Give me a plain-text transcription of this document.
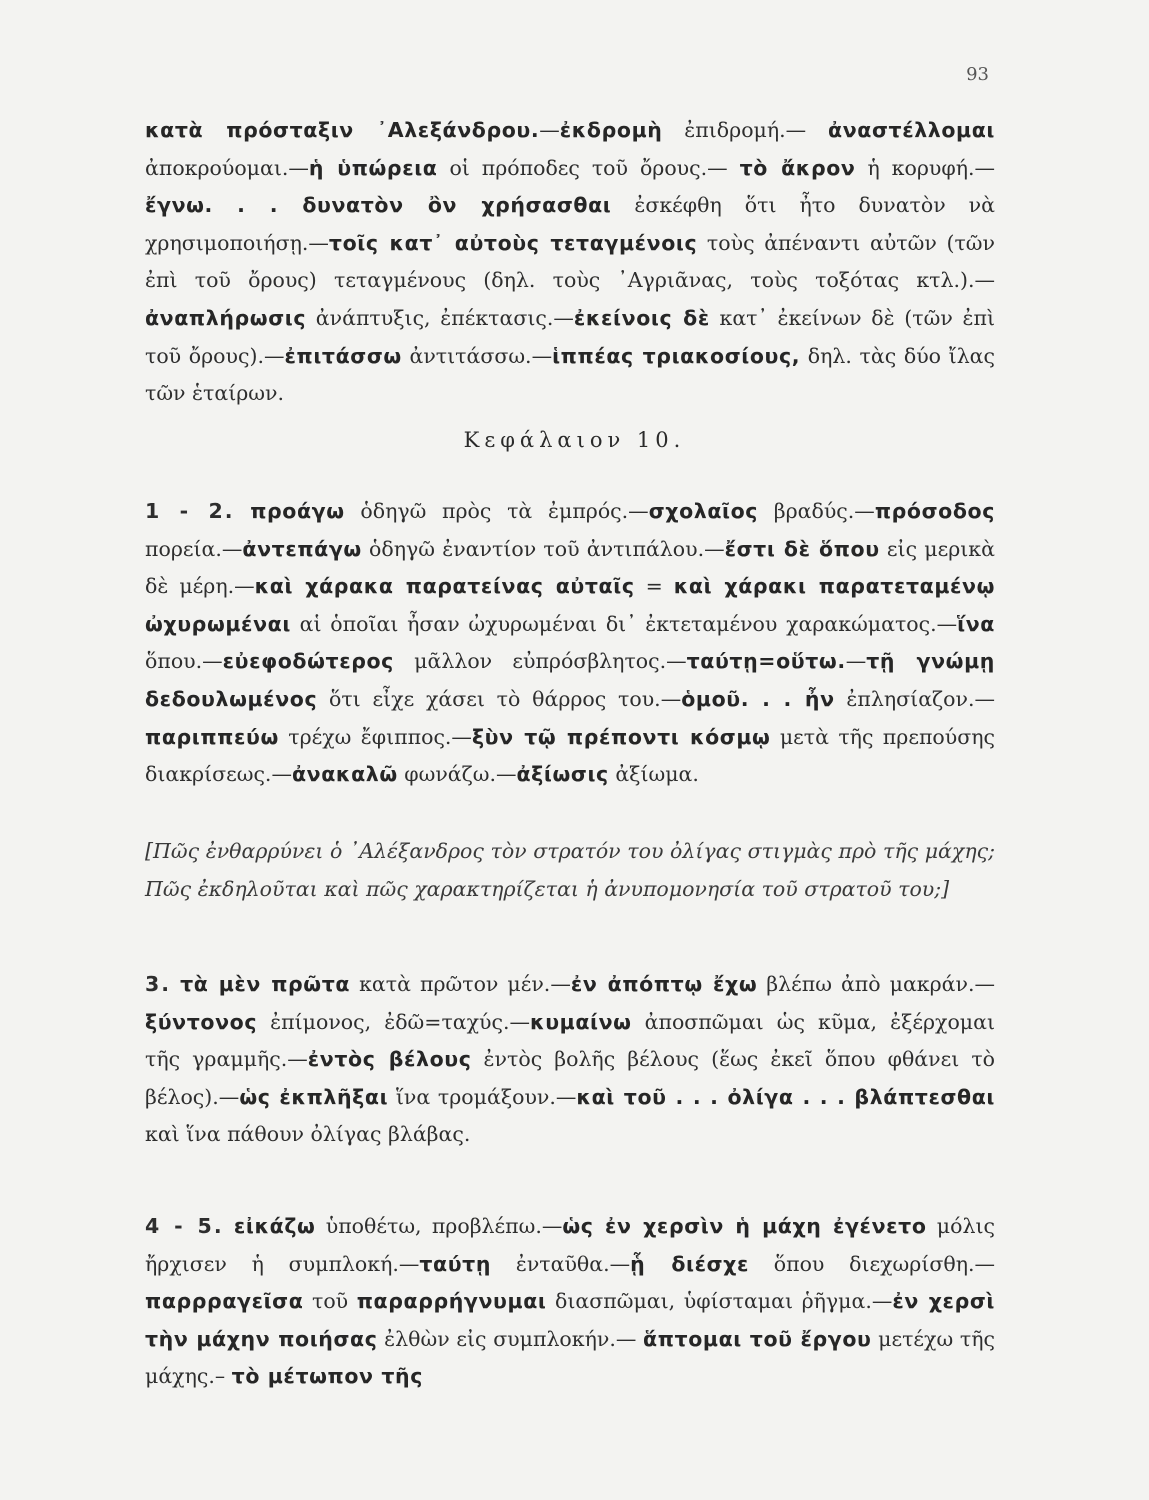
93

κατὰ πρόσταξιν ᾿Αλεξάνδρου.—ἐκδρομὴ ἐπιδρομή.— ἀναστέλλομαι ἀποκρούομαι.—ἡ ὑπώρεια οἱ πρόποδες τοῦ ὄρους.— τὸ ἄκρον ἡ κορυφή.—ἔγνω. . . δυνατὸν ὂν χρήσασθαι ἐσκέφθη ὅτι ἦτο δυνατὸν νὰ χρησιμοποιήσῃ.—τοῖς κατ᾽ αὐτοὺς τεταγμένοις τοὺς ἀπέναντι αὐτῶν (τῶν ἐπὶ τοῦ ὄρους) τεταγμένους (δηλ. τοὺς ᾿Αγριᾶνας, τοὺς τοξότας κτλ.).—ἀναπλήρωσις ἀνάπτυξις, ἐπέκτασις.—ἐκείνοις δὲ κατ᾽ ἐκείνων δὲ (τῶν ἐπὶ τοῦ ὄρους).—ἐπιτάσσω ἀντιτάσσω.—ἱππέας τριακοσίους, δηλ. τὰς δύο ἴλας τῶν ἑταίρων.

Κεφάλαιον 10.

1 - 2. προάγω ὁδηγῶ πρὸς τὰ ἐμπρός.—σχολαῖος βραδύς.—πρόσοδος πορεία.—ἀντεπάγω ὁδηγῶ ἐναντίον τοῦ ἀντιπάλου.—ἔστι δὲ ὅπου εἰς μερικὰ δὲ μέρη.—καὶ χάρακα παρατείνας αὐταῖς = καὶ χάρακι παρατεταμένῳ ὠχυρωμέναι αἱ ὁποῖαι ἦσαν ὠχυρωμέναι δι᾽ ἐκτεταμένου χαρακώματος.—ἵνα ὅπου.—εὐεφοδώτερος μᾶλλον εὐπρόσβλητος.—ταύτῃ=οὕτω.—τῇ γνώμῃ δεδουλωμένος ὅτι εἶχε χάσει τὸ θάρρος του.—ὁμοῦ. . . ἦν ἐπλησίαζον.—παριππεύω τρέχω ἔφιππος.—ξὺν τῷ πρέποντι κόσμῳ μετὰ τῆς πρεπούσης διακρίσεως.—ἀνακαλῶ φωνάζω.—ἀξίωσις ἀξίωμα.

[Πῶς ἐνθαρρύνει ὁ ᾿Αλέξανδρος τὸν στρατόν του ὀλίγας στιγμὰς πρὸ τῆς μάχης; Πῶς ἐκδηλοῦται καὶ πῶς χαρακτηρίζεται ἡ ἀνυπομονησία τοῦ στρατοῦ του;]

3. τὰ μὲν πρῶτα κατὰ πρῶτον μέν.—ἐν ἀπόπτῳ ἔχω βλέπω ἀπὸ μακράν.—ξύντονος ἐπίμονος, ἐδῶ=ταχύς.—κυμαίνω ἀποσπῶμαι ὡς κῦμα, ἐξέρχομαι τῆς γραμμῆς.—ἐντὸς βέλους ἐντὸς βολῆς βέλους (ἕως ἐκεῖ ὅπου φθάνει τὸ βέλος).—ὡς ἐκπλῆξαι ἵνα τρομάξουν.—καὶ τοῦ . . . ὀλίγα . . . βλάπτεσθαι καὶ ἵνα πάθουν ὀλίγας βλάβας.

4 - 5. εἰκάζω ὑποθέτω, προβλέπω.—ὡς ἐν χερσὶν ἡ μάχη ἐγένετο μόλις ἤρχισεν ἡ συμπλοκή.—ταύτῃ ἐνταῦθα.—ᾗ διέσχε ὅπου διεχωρίσθη.—παρρραγεῖσα τοῦ παραρρήγνυμαι διασπῶμαι, ὑφίσταμαι ῥῆγμα.—ἐν χερσὶ τὴν μάχην ποιήσας ἐλθὼν εἰς συμπλοκήν.— ἅπτομαι τοῦ ἔργου μετέχω τῆς μάχης.– τὸ μέτωπον τῆς
